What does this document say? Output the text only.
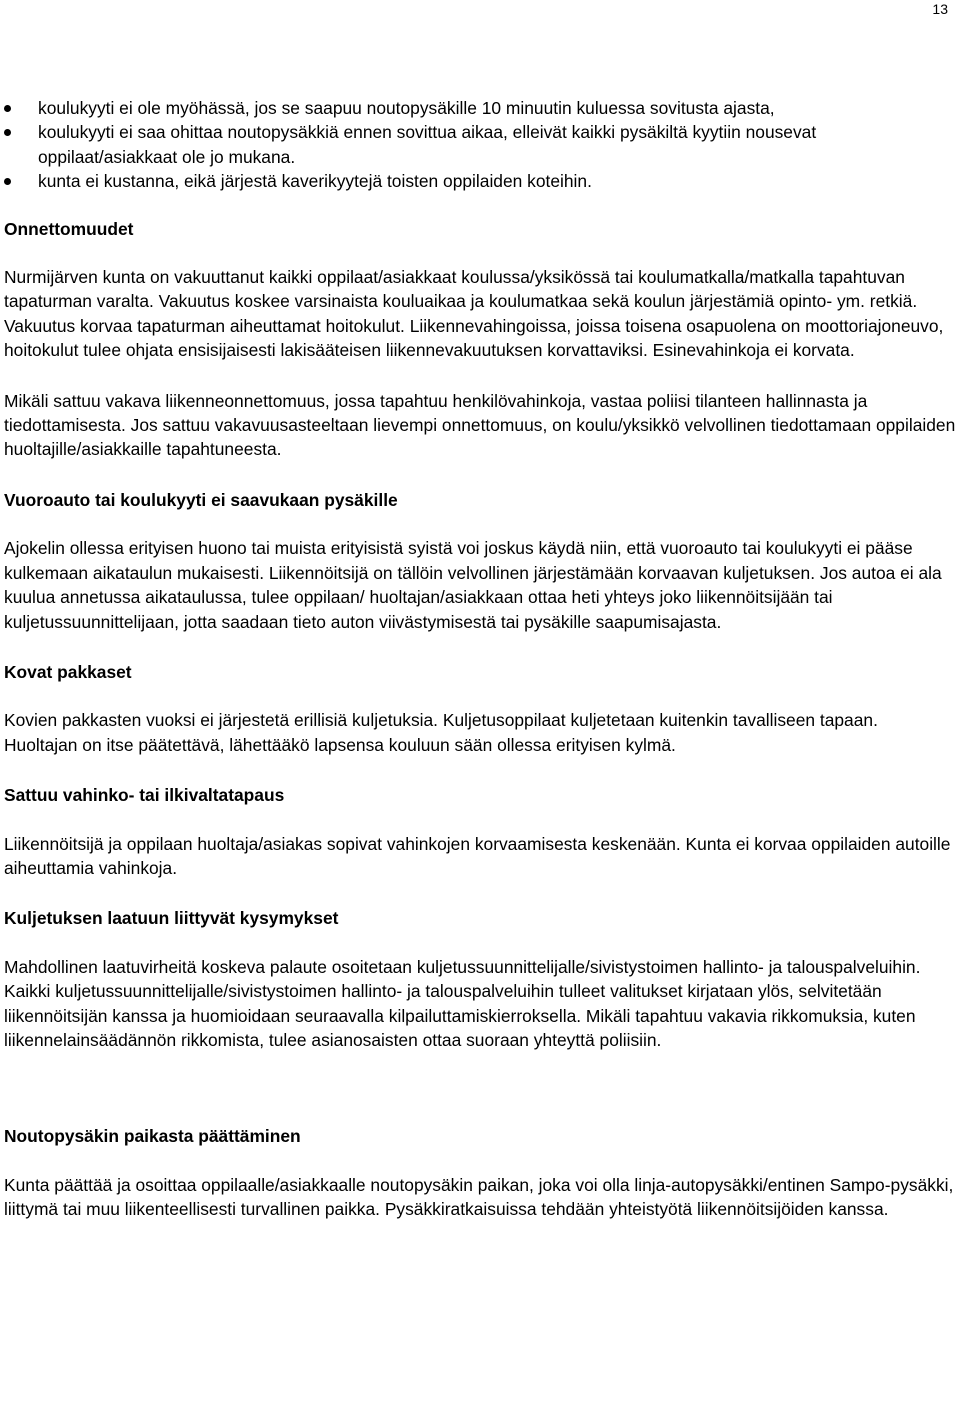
13
koulukyyti ei ole myöhässä, jos se saapuu noutopysäkille 10 minuutin kuluessa sovitusta ajasta,
koulukyyti ei saa ohittaa noutopysäkkiä ennen sovittua aikaa, elleivät kaikki pysäkiltä kyytiin nousevat oppilaat/asiakkaat ole jo mukana.
kunta ei kustanna, eikä järjestä kaverikyytejä toisten oppilaiden koteihin.
Onnettomuudet

Nurmijärven kunta on vakuuttanut kaikki oppilaat/asiakkaat koulussa/yksikössä tai koulumatkalla/matkalla tapahtuvan tapaturman varalta. Vakuutus koskee varsinaista kouluaikaa ja koulumatkaa sekä koulun järjestämiä opinto- ym. retkiä. Vakuutus korvaa tapaturman aiheuttamat hoitokulut. Liikennevahingoissa, joissa toisena osapuolena on moottoriajoneuvo, hoitokulut tulee ohjata ensisijaisesti lakisääteisen liikennevakuutuksen korvattaviksi. Esinevahinkoja ei korvata.

Mikäli sattuu vakava liikenneonnettomuus, jossa tapahtuu henkilövahinkoja, vastaa poliisi tilanteen hallinnasta ja tiedottamisesta. Jos sattuu vakavuusasteeltaan lievempi onnettomuus, on koulu/yksikkö velvollinen tiedottamaan oppilaiden huoltajille/asiakkaille tapahtuneesta.

Vuoroauto tai koulukyyti ei saavukaan pysäkille

Ajokelin ollessa erityisen huono tai muista erityisistä syistä voi joskus käydä niin, että vuoroauto tai koulukyyti ei pääse kulkemaan aikataulun mukaisesti. Liikennöitsijä on tällöin velvollinen järjestämään korvaavan kuljetuksen. Jos autoa ei ala kuulua annetussa aikataulussa, tulee oppilaan/ huoltajan/asiakkaan ottaa heti yhteys joko liikennöitsijään tai kuljetussuunnittelijaan, jotta saadaan tieto auton viivästymisestä tai pysäkille saapumisajasta.

Kovat pakkaset

Kovien pakkasten vuoksi ei järjestetä erillisiä kuljetuksia. Kuljetusoppilaat kuljetetaan kuitenkin tavalliseen tapaan. Huoltajan on itse päätettävä, lähettääkö lapsensa kouluun sään ollessa erityisen kylmä.

Sattuu vahinko- tai ilkivaltatapaus

Liikennöitsijä ja oppilaan huoltaja/asiakas sopivat vahinkojen korvaamisesta keskenään. Kunta ei korvaa oppilaiden autoille aiheuttamia vahinkoja.

Kuljetuksen laatuun liittyvät kysymykset

Mahdollinen laatuvirheitä koskeva palaute osoitetaan kuljetussuunnittelijalle/sivistystoimen hallinto- ja talouspalveluihin. Kaikki kuljetussuunnittelijalle/sivistystoimen hallinto- ja talouspalveluihin tulleet valitukset kirjataan ylös, selvitetään liikennöitsijän kanssa ja huomioidaan seuraavalla kilpailuttamiskierroksella. Mikäli tapahtuu vakavia rikkomuksia, kuten liikennelainsäädännön rikkomista, tulee asianosaisten ottaa suoraan yhteyttä poliisiin.

Noutopysäkin paikasta päättäminen

Kunta päättää ja osoittaa oppilaalle/asiakkaalle noutopysäkin paikan, joka voi olla linja-autopysäkki/entinen Sampo-pysäkki, liittymä tai muu liikenteellisesti turvallinen paikka. Pysäkkiratkaisuissa tehdään yhteistyötä liikennöitsijöiden kanssa.
